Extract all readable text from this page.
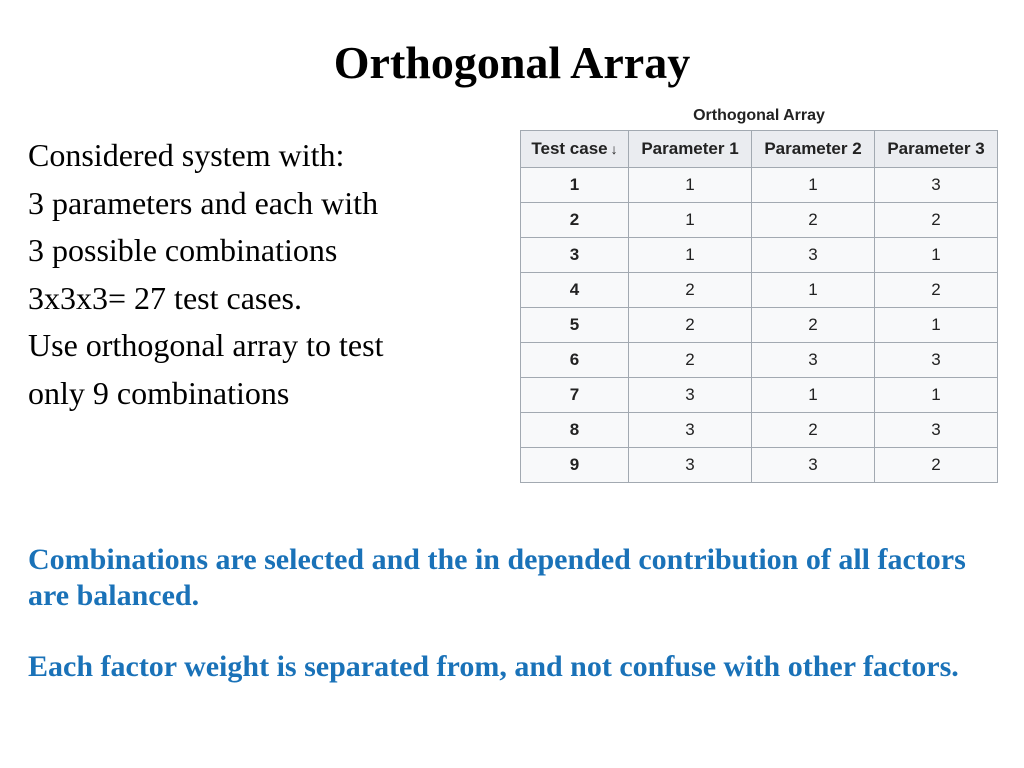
Orthogonal Array
Considered system with:
3 parameters and each with
3 possible combinations
3x3x3= 27 test cases.
Use orthogonal array to test
only 9 combinations
Orthogonal Array
Test case ↓	Parameter 1	Parameter 2	Parameter 3
1	1	1	3
2	1	2	2
3	1	3	1
4	2	1	2
5	2	2	1
6	2	3	3
7	3	1	1
8	3	2	3
9	3	3	2
Combinations are selected and the in depended contribution of all factors are balanced.
Each factor weight is separated from, and not confuse with other factors.
